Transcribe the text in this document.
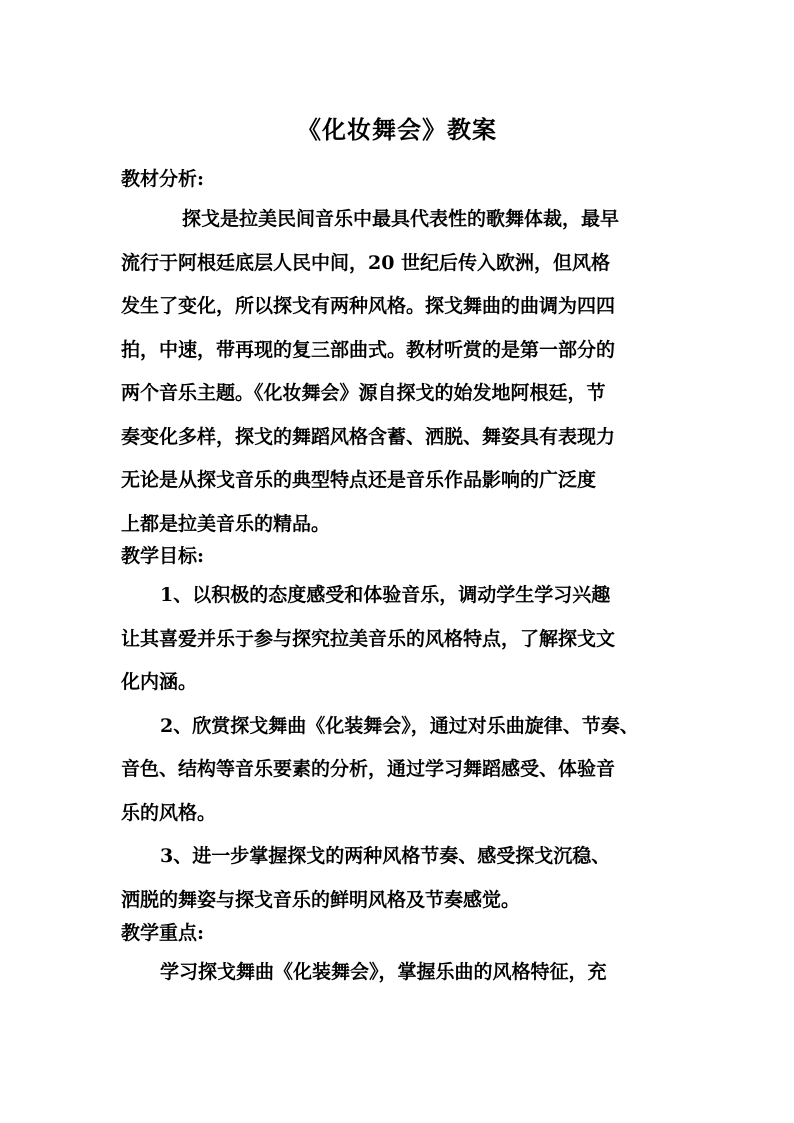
《化妆舞会》教案
教材分析:
探戈是拉美民间音乐中最具代表性的歌舞体裁，最早
流行于阿根廷底层人民中间，20 世纪后传入欧洲，但风格
发生了变化，所以探戈有两种风格。探戈舞曲的曲调为四四
拍，中速，带再现的复三部曲式。教材听赏的是第一部分的
两个音乐主题。《化妆舞会》源自探戈的始发地阿根廷，节
奏变化多样，探戈的舞蹈风格含蓄、洒脱、舞姿具有表现力
无论是从探戈音乐的典型特点还是音乐作品影响的广泛度
上都是拉美音乐的精品。
教学目标:
1、以积极的态度感受和体验音乐，调动学生学习兴趣
让其喜爱并乐于参与探究拉美音乐的风格特点，了解探戈文
化内涵。
2、欣赏探戈舞曲《化装舞会》，通过对乐曲旋律、节奏、
音色、结构等音乐要素的分析，通过学习舞蹈感受、体验音
乐的风格。
3、进一步掌握探戈的两种风格节奏、感受探戈沉稳、
洒脱的舞姿与探戈音乐的鲜明风格及节奏感觉。
教学重点:
学习探戈舞曲《化装舞会》，掌握乐曲的风格特征，充
